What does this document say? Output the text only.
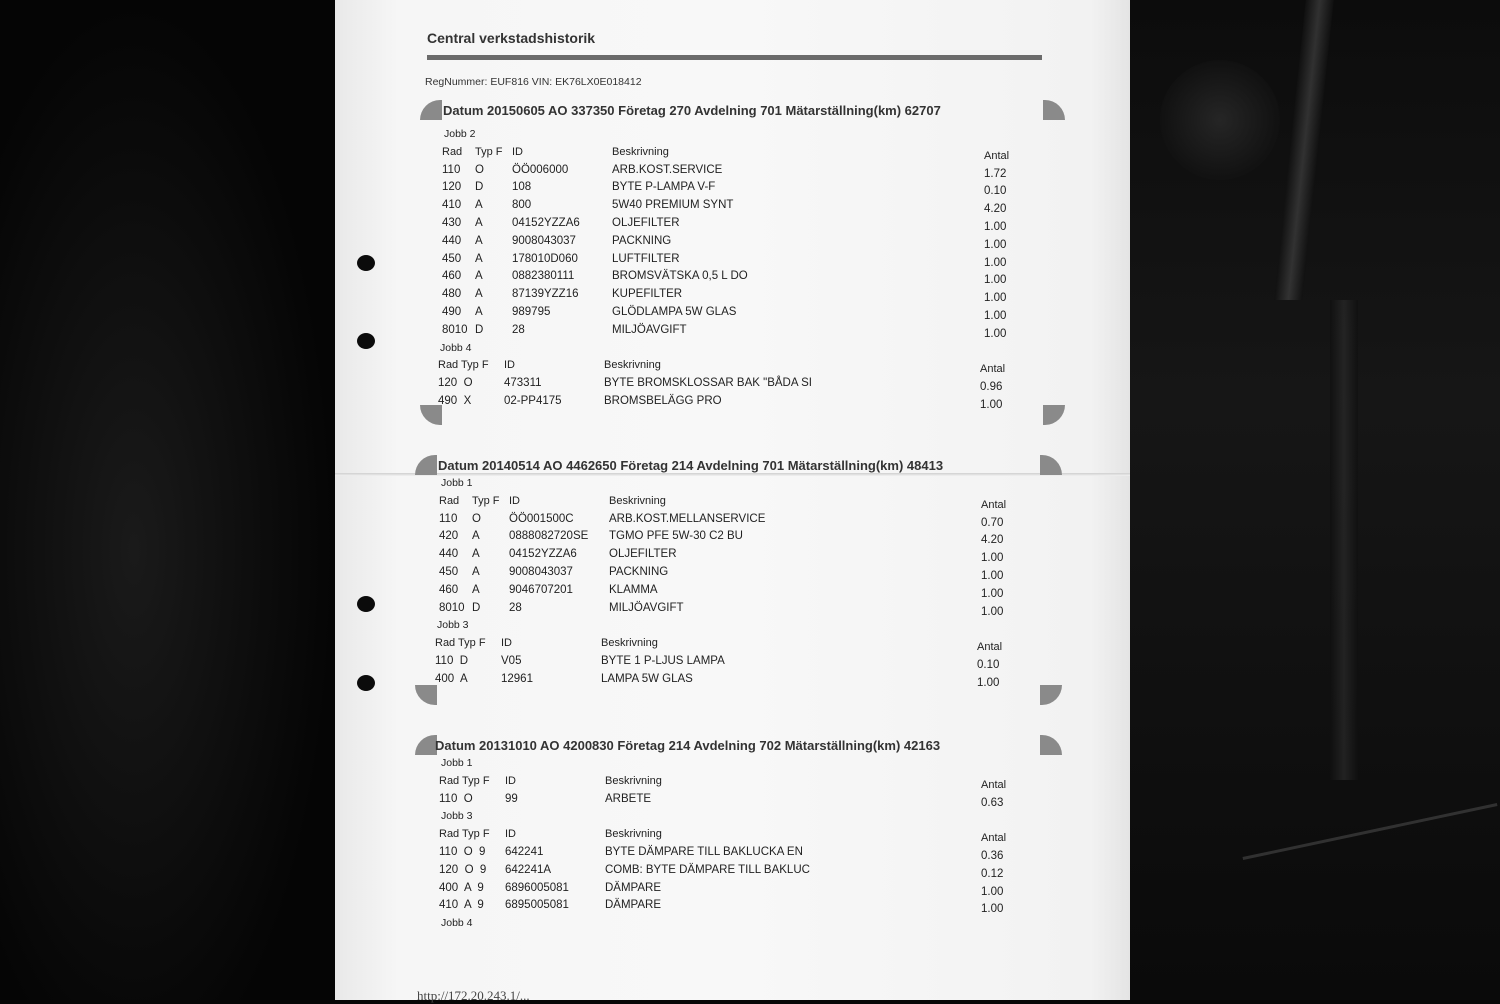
Central verkstadshistorik
RegNummer: EUF816 VIN: EK76LX0E018412
Datum 20150605 AO 337350 Företag 270 Avdelning 701 Mätarställning(km) 62707
Jobb 2
Rad Typ F ID	Beskrivning	Antal
110 O ÖÖ006000	ARB.KOST.SERVICE	1.72
120 D 108	BYTE P-LAMPA V-F	0.10
410 A	800	5W40 PREMIUM SYNT	4.20
430 A	04152YZZA6	OLJEFILTER	1.00
440 A	9008043037	PACKNING	1.00
450 A	178010D060	LUFTFILTER	1.00
460 A	0882380111	BROMSVÄTSKA 0,5 L DO	1.00
480 A	87139YZZ16	KUPEFILTER	1.00
490 A	989795	GLÖDLAMPA 5W GLAS	1.00
8010 D 28	MILJÖAVGIFT	1.00
Jobb 4
Rad Typ F ID	Beskrivning	Antal
120  O	473311	BYTE BROMSKLOSSAR BAK "BÅDA SI	0.96
490  X	02-PP4175	BROMSBELÄGG PRO	1.00
Datum 20140514 AO 4462650 Företag 214 Avdelning 701 Mätarställning(km) 48413
Jobb 1
Rad Typ F ID	Beskrivning	Antal
110 O ÖÖ001500C	ARB.KOST.MELLANSERVICE	0.70
420 A	0888082720SE TGMO PFE 5W-30 C2 BU	4.20
440 A	04152YZZA6	OLJEFILTER	1.00
450 A	9008043037	PACKNING	1.00
460 A	9046707201	KLAMMA	1.00
8010 D 28	MILJÖAVGIFT	1.00
Jobb 3
Rad Typ F ID	Beskrivning	Antal
110  D	V05	BYTE 1 P-LJUS LAMPA	0.10
400  A	12961	LAMPA 5W GLAS	1.00
Datum 20131010 AO 4200830 Företag 214 Avdelning 702 Mätarställning(km) 42163
Jobb 1
Rad Typ F ID	Beskrivning	Antal
110  O	99	ARBETE	0.63
Jobb 3
Rad Typ F ID	Beskrivning	Antal
110  O  9 642241	BYTE DÄMPARE TILL BAKLUCKA EN	0.36
120  O  9 642241A	COMB: BYTE DÄMPARE TILL BAKLUC	0.12
400  A  9 6896005081	DÄMPARE	1.00
410  A  9 6895005081	DÄMPARE	1.00
Jobb 4
http://172.20.243.1/...
